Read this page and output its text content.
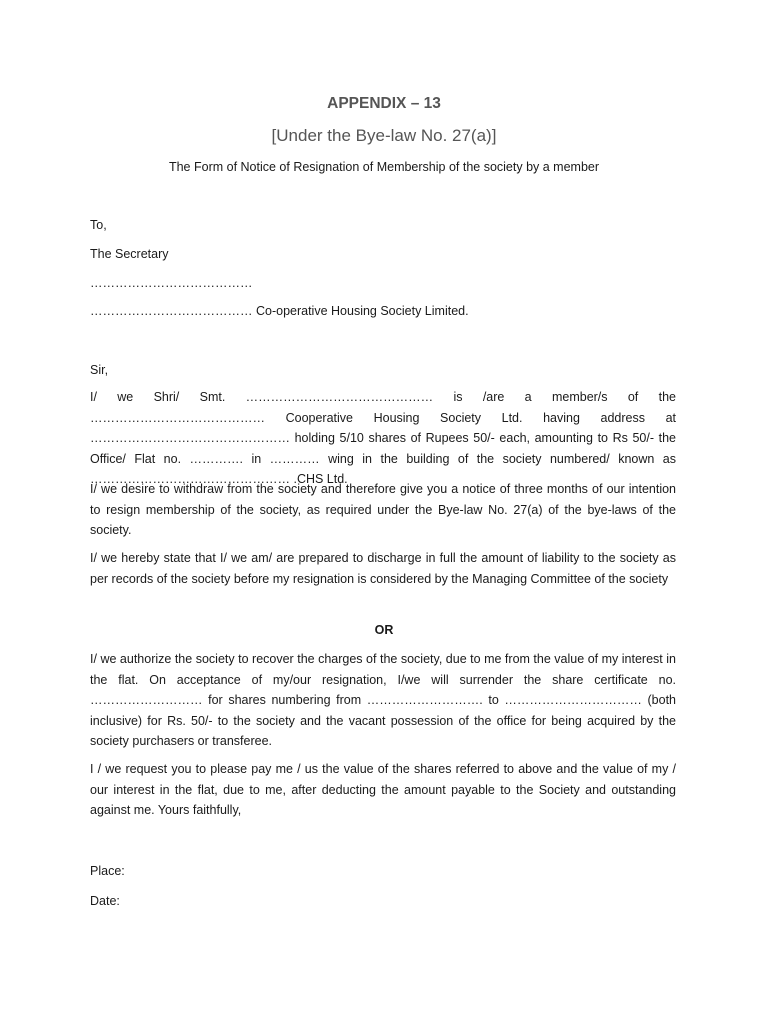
APPENDIX – 13
[Under the Bye-law No. 27(a)]
The Form of Notice of Resignation of Membership of the society by a member
To,
The Secretary
…………………………………
………………………………… Co-operative Housing Society Limited.
Sir,
I/ we Shri/ Smt. ……………………………………… is /are a member/s of the …………………………………… Cooperative Housing Society Ltd. having address at ………………………………………… holding 5/10 shares of Rupees 50/- each, amounting to Rs 50/- the Office/ Flat no. …………. in ………… wing in the building of the society numbered/ known as ………………………………………… .CHS Ltd.
I/ we desire to withdraw from the society and therefore give you a notice of three months of our intention to resign membership of the society, as required under the Bye-law No. 27(a) of the bye-laws of the society.
I/ we hereby state that I/ we am/ are prepared to discharge in full the amount of liability to the society as per records of the society before my resignation is considered by the Managing Committee of the society
OR
I/ we authorize the society to recover the charges of the society, due to me from the value of my interest in the flat. On acceptance of my/our resignation, I/we will surrender the share certificate no. ……………………… for shares numbering from ………………………. to …………………………… (both inclusive) for Rs. 50/- to the society and the vacant possession of the office for being acquired by the society purchasers or transferee.
I / we request you to please pay me / us the value of the shares referred to above and the value of my / our interest in the flat, due to me, after deducting the amount payable to the Society and outstanding against me. Yours faithfully,
Place:
Date:
